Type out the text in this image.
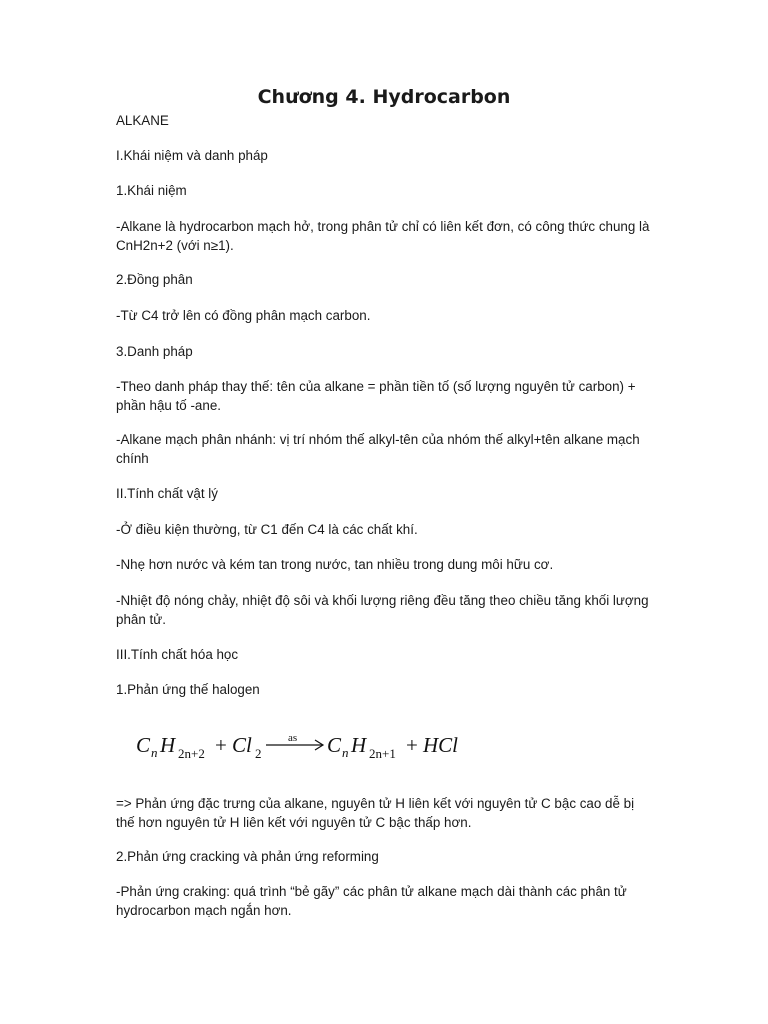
Chương 4. Hydrocarbon

ALKANE

I.Khái niệm và danh pháp

1.Khái niệm

-Alkane là hydrocarbon mạch hở, trong phân tử chỉ có liên kết đơn, có công thức chung là CnH2n+2 (với n≥1).

2.Đồng phân

-Từ C4 trở lên có đồng phân mạch carbon.

3.Danh pháp

-Theo danh pháp thay thế: tên của alkane = phần tiền tố (số lượng nguyên tử carbon) + phần hậu tố -ane.

-Alkane mạch phân nhánh: vị trí nhóm thế alkyl-tên của nhóm thế alkyl+tên alkane mạch chính

II.Tính chất vật lý

-Ở điều kiện thường, từ C1 đến C4 là các chất khí.

-Nhẹ hơn nước và kém tan trong nước, tan nhiều trong dung môi hữu cơ.

-Nhiệt độ nóng chảy, nhiệt độ sôi và khối lượng riêng đều tăng theo chiều tăng khối lượng phân tử.

III.Tính chất hóa học

1.Phản ứng thế halogen

C n H 2n+2 + Cl 2
as C n H 2n+1 + HCl

=> Phản ứng đặc trưng của alkane, nguyên tử H liên kết với nguyên tử C bậc cao dễ bị thế hơn nguyên tử H liên kết với nguyên tử C bậc thấp hơn.

2.Phản ứng cracking và phản ứng reforming

-Phản ứng craking: quá trình “bẻ gãy” các phân tử alkane mạch dài thành các phân tử hydrocarbon mạch ngắn hơn.
